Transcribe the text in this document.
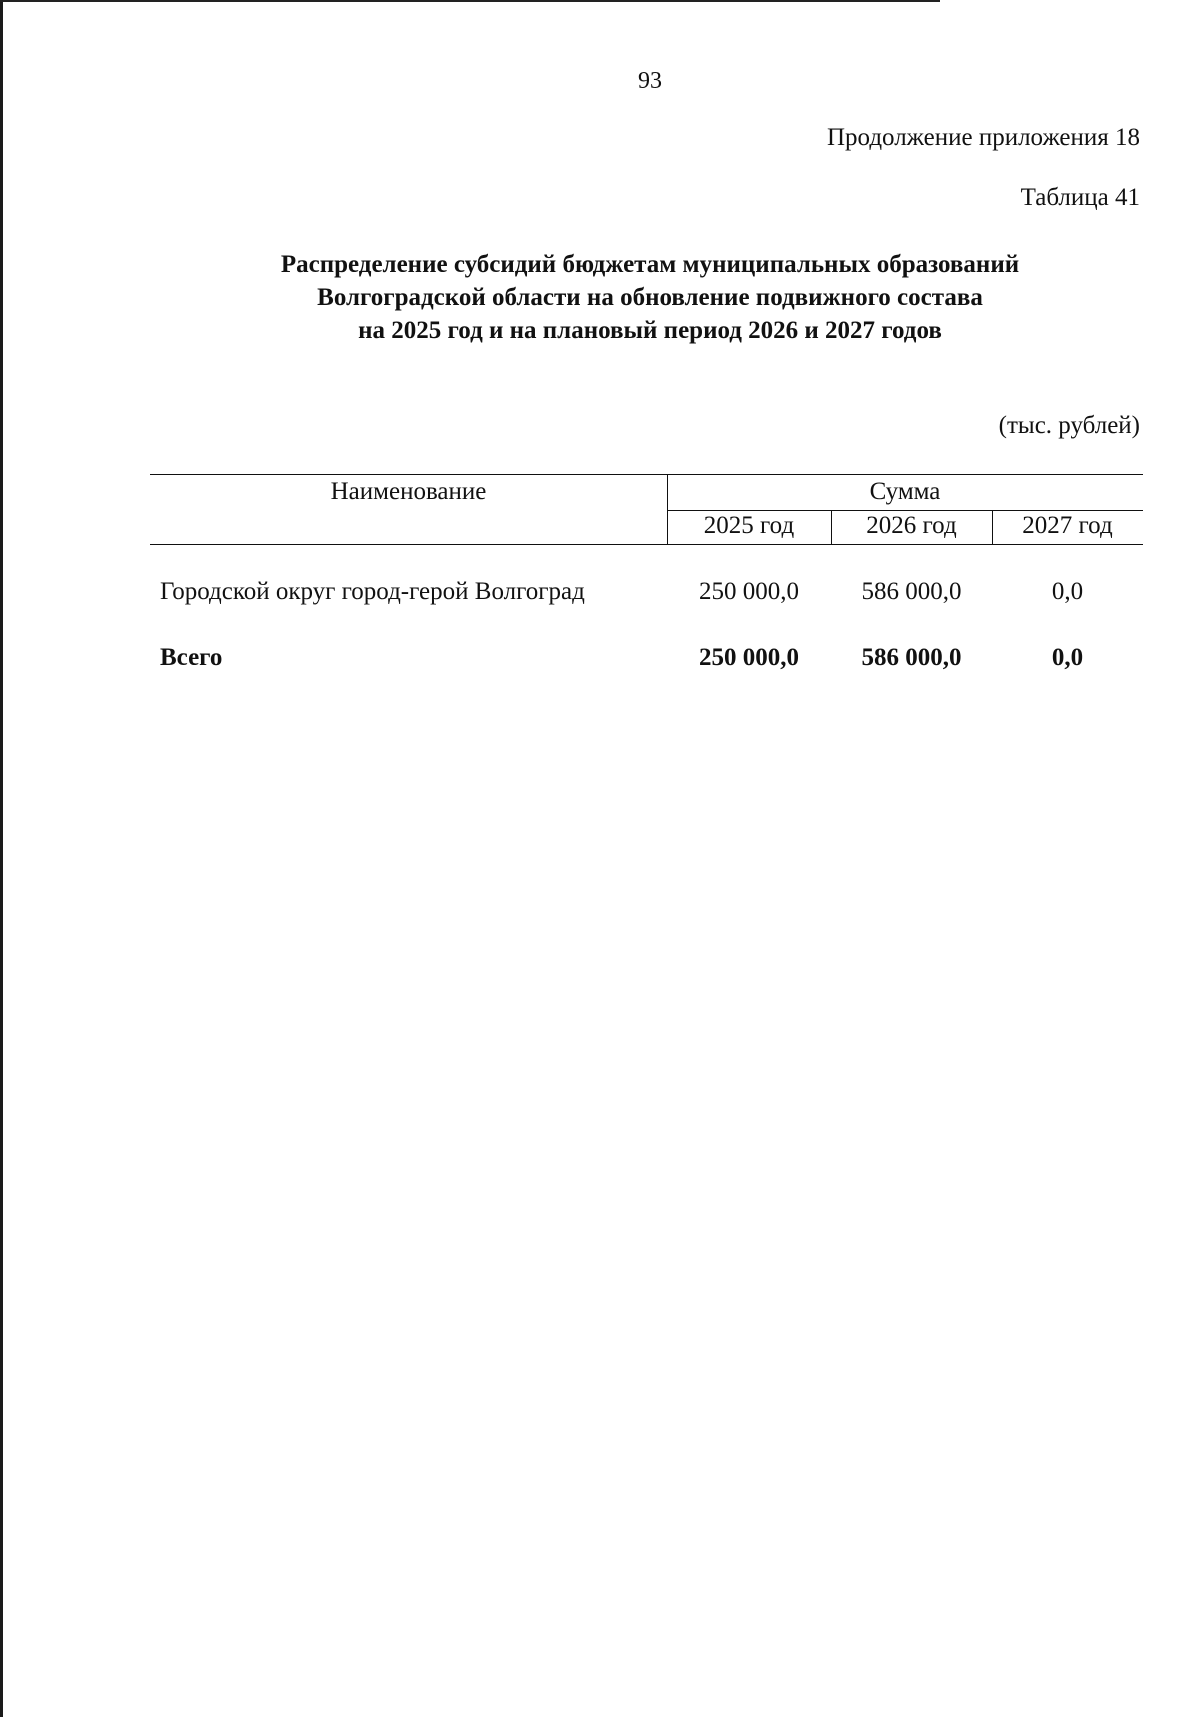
93
Продолжение приложения 18
Таблица 41
Распределение субсидий бюджетам муниципальных образований
Волгоградской области на обновление подвижного состава
на 2025 год и на плановый период 2026 и 2027 годов
(тыс. рублей)
Наименование	Сумма
2025 год	2026 год	2027 год
Городской округ город-герой Волгоград	250 000,0	586 000,0	0,0
Всего	250 000,0	586 000,0	0,0
